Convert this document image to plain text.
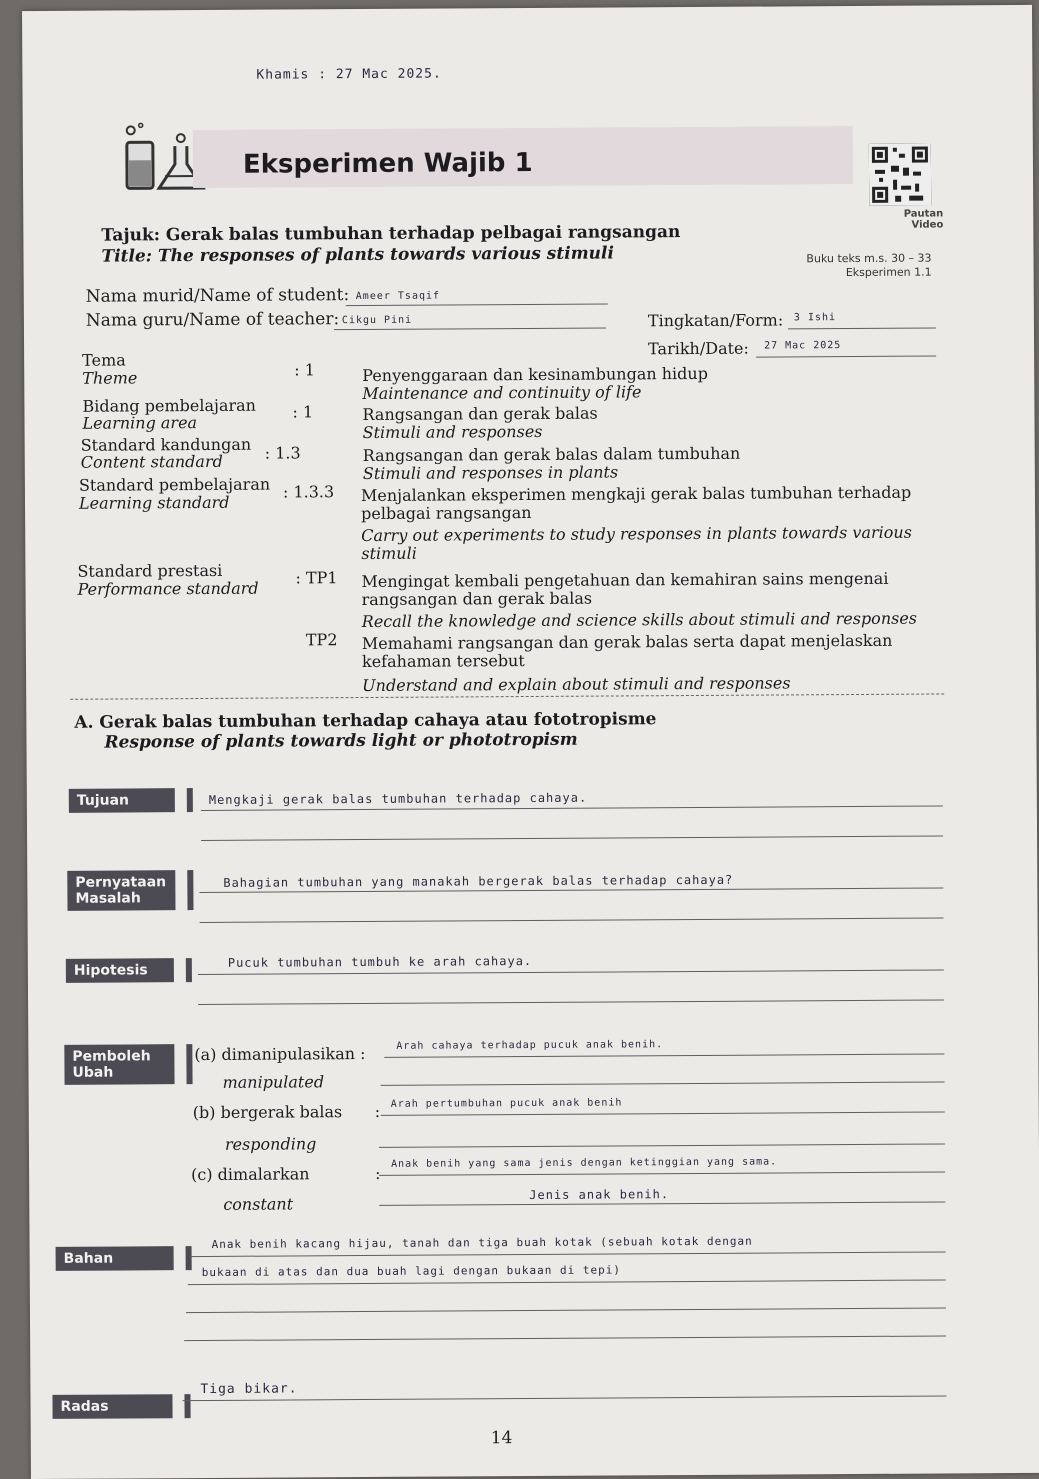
Khamis : 27 Mac 2025.
Eksperimen Wajib 1
Pautan Video
Buku teks m.s. 30 – 33
Eksperimen 1.1
Tajuk: Gerak balas tumbuhan terhadap pelbagai rangsangan
Title: The responses of plants towards various stimuli
Nama murid/Name of student: Ameer Tsaqif
Nama guru/Name of teacher: Cikgu Pini	Tingkatan/Form: 3 Ishi
Tarikh/Date: 27 Mac 2025
Tema
Theme	: 1	Penyenggaraan dan kesinambungan hidup
Maintenance and continuity of life
Bidang pembelajaran
Learning area
: 1	Rangsangan dan gerak balas
Stimuli and responses
Standard kandungan
Content standard	: 1.3	Rangsangan dan gerak balas dalam tumbuhan
Stimuli and responses in plants
Standard pembelajaran
Learning standard
: 1.3.3 Menjalankan eksperimen mengkaji gerak balas tumbuhan terhadap
pelbagai rangsangan
Carry out experiments to study responses in plants towards various
stimuli
Standard prestasi
Performance standard
: TP1 Mengingat kembali pengetahuan dan kemahiran sains mengenai
rangsangan dan gerak balas
Recall the knowledge and science skills about stimuli and responses
TP2 Memahami rangsangan dan gerak balas serta dapat menjelaskan
kefahaman tersebut
Understand and explain about stimuli and responses
A. Gerak balas tumbuhan terhadap cahaya atau fototropisme
Response of plants towards light or phototropism
Tujuan	Mengkaji gerak balas tumbuhan terhadap cahaya.
Pernyataan
Masalah
Bahagian tumbuhan yang manakah bergerak balas terhadap cahaya?
Hipotesis
Pucuk tumbuhan tumbuh ke arah cahaya.
Pemboleh
Ubah
(a) dimanipulasikan :	Arah cahaya terhadap pucuk anak benih.
manipulated
(b) bergerak balas : Arah pertumbuhan pucuk anak benih
responding
(c) dimalarkan	:
Anak benih yang sama jenis dengan ketinggian yang sama.
constant	Jenis anak benih.
Bahan
Anak benih kacang hijau, tanah dan tiga buah kotak (sebuah kotak dengan
bukaan di atas dan dua buah lagi dengan bukaan di tepi)
Radas
Tiga bikar.
14
